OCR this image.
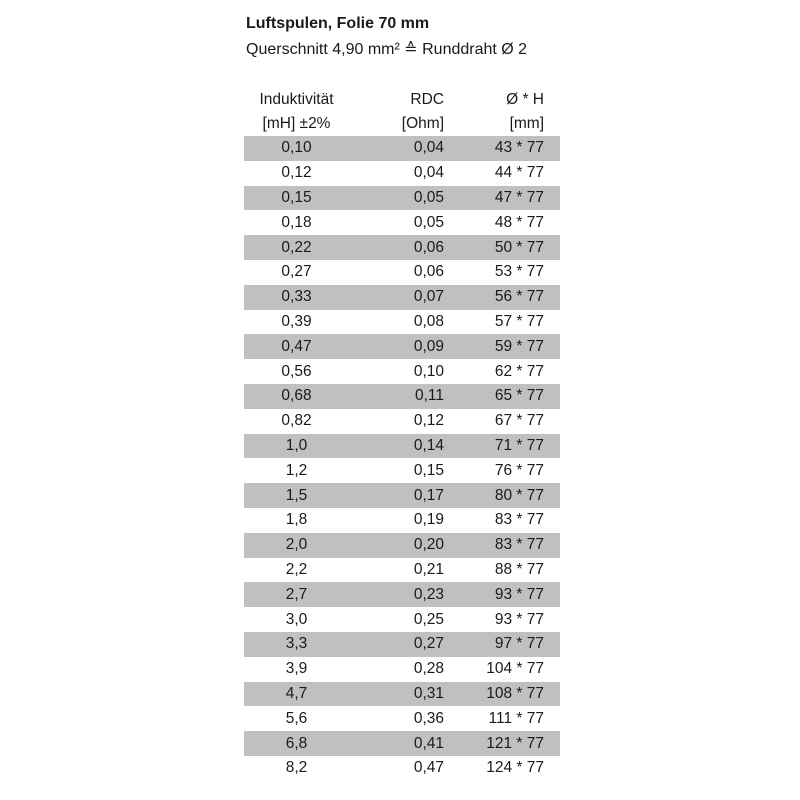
Luftspulen, Folie 70 mm
Querschnitt 4,90 mm² ≙ Runddraht Ø 2
Induktivität	RDC	Ø * H
[mH] ±2%	[Ohm]	[mm]
0,10	0,04	43 * 77
0,12	0,04	44 * 77
0,15	0,05	47 * 77
0,18	0,05	48 * 77
0,22	0,06	50 * 77
0,27	0,06	53 * 77
0,33	0,07	56 * 77
0,39	0,08	57 * 77
0,47	0,09	59 * 77
0,56	0,10	62 * 77
0,68	0,11	65 * 77
0,82	0,12	67 * 77
1,0	0,14	71 * 77
1,2	0,15	76 * 77
1,5	0,17	80 * 77
1,8	0,19	83 * 77
2,0	0,20	83 * 77
2,2	0,21	88 * 77
2,7	0,23	93 * 77
3,0	0,25	93 * 77
3,3	0,27	97 * 77
3,9	0,28	104 * 77
4,7	0,31	108 * 77
5,6	0,36	111 * 77
6,8	0,41	121 * 77
8,2	0,47	124 * 77
